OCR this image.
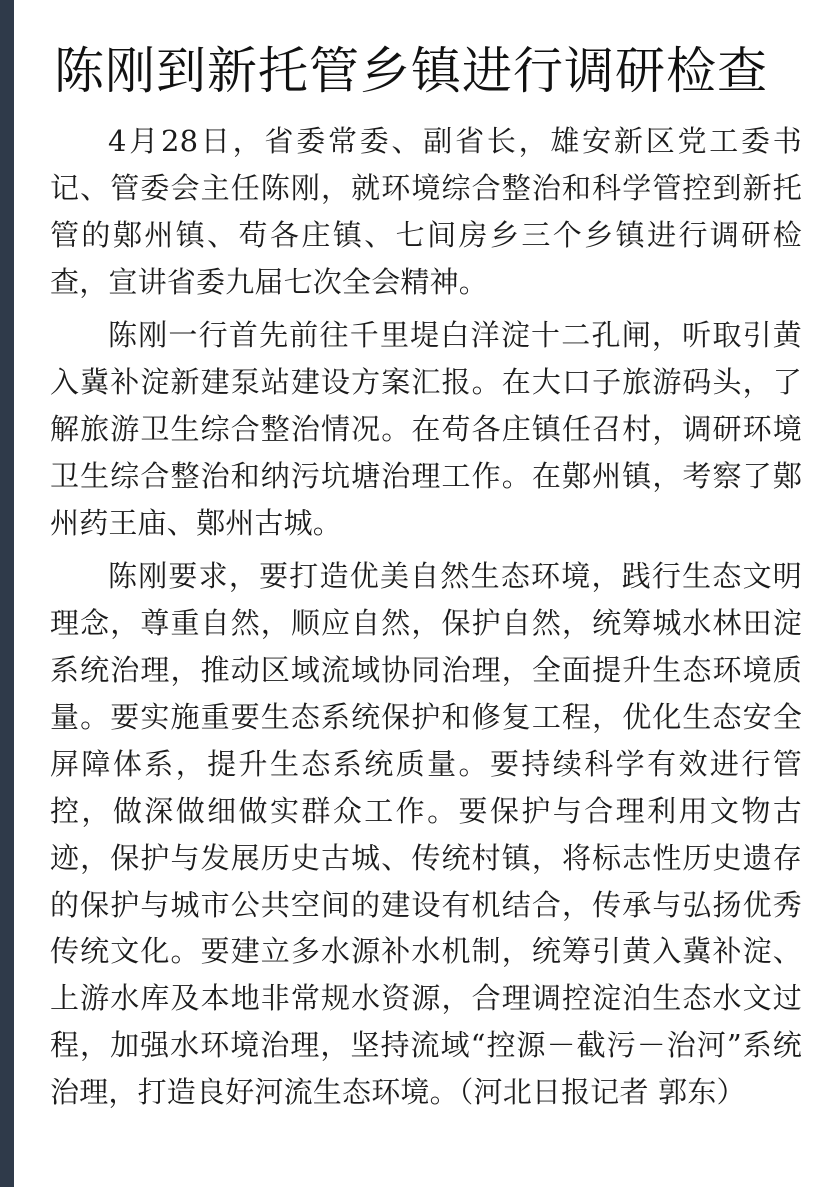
陈刚到新托管乡镇进行调研检查

4月28日，省委常委、副省长，雄安新区党工委书记、管委会主任陈刚，就环境综合整治和科学管控到新托管的鄚州镇、苟各庄镇、七间房乡三个乡镇进行调研检查，宣讲省委九届七次全会精神。

陈刚一行首先前往千里堤白洋淀十二孔闸，听取引黄入冀补淀新建泵站建设方案汇报。在大口子旅游码头，了解旅游卫生综合整治情况。在苟各庄镇任召村，调研环境卫生综合整治和纳污坑塘治理工作。在鄚州镇，考察了鄚州药王庙、鄚州古城。

陈刚要求，要打造优美自然生态环境，践行生态文明理念，尊重自然，顺应自然，保护自然，统筹城水林田淀系统治理，推动区域流域协同治理，全面提升生态环境质量。要实施重要生态系统保护和修复工程，优化生态安全屏障体系，提升生态系统质量。要持续科学有效进行管控，做深做细做实群众工作。要保护与合理利用文物古迹，保护与发展历史古城、传统村镇，将标志性历史遗存的保护与城市公共空间的建设有机结合，传承与弘扬优秀传统文化。要建立多水源补水机制，统筹引黄入冀补淀、上游水库及本地非常规水资源，合理调控淀泊生态水文过程，加强水环境治理，坚持流域“控源－截污－治河”系统治理，打造良好河流生态环境。（河北日报记者 郭东）
